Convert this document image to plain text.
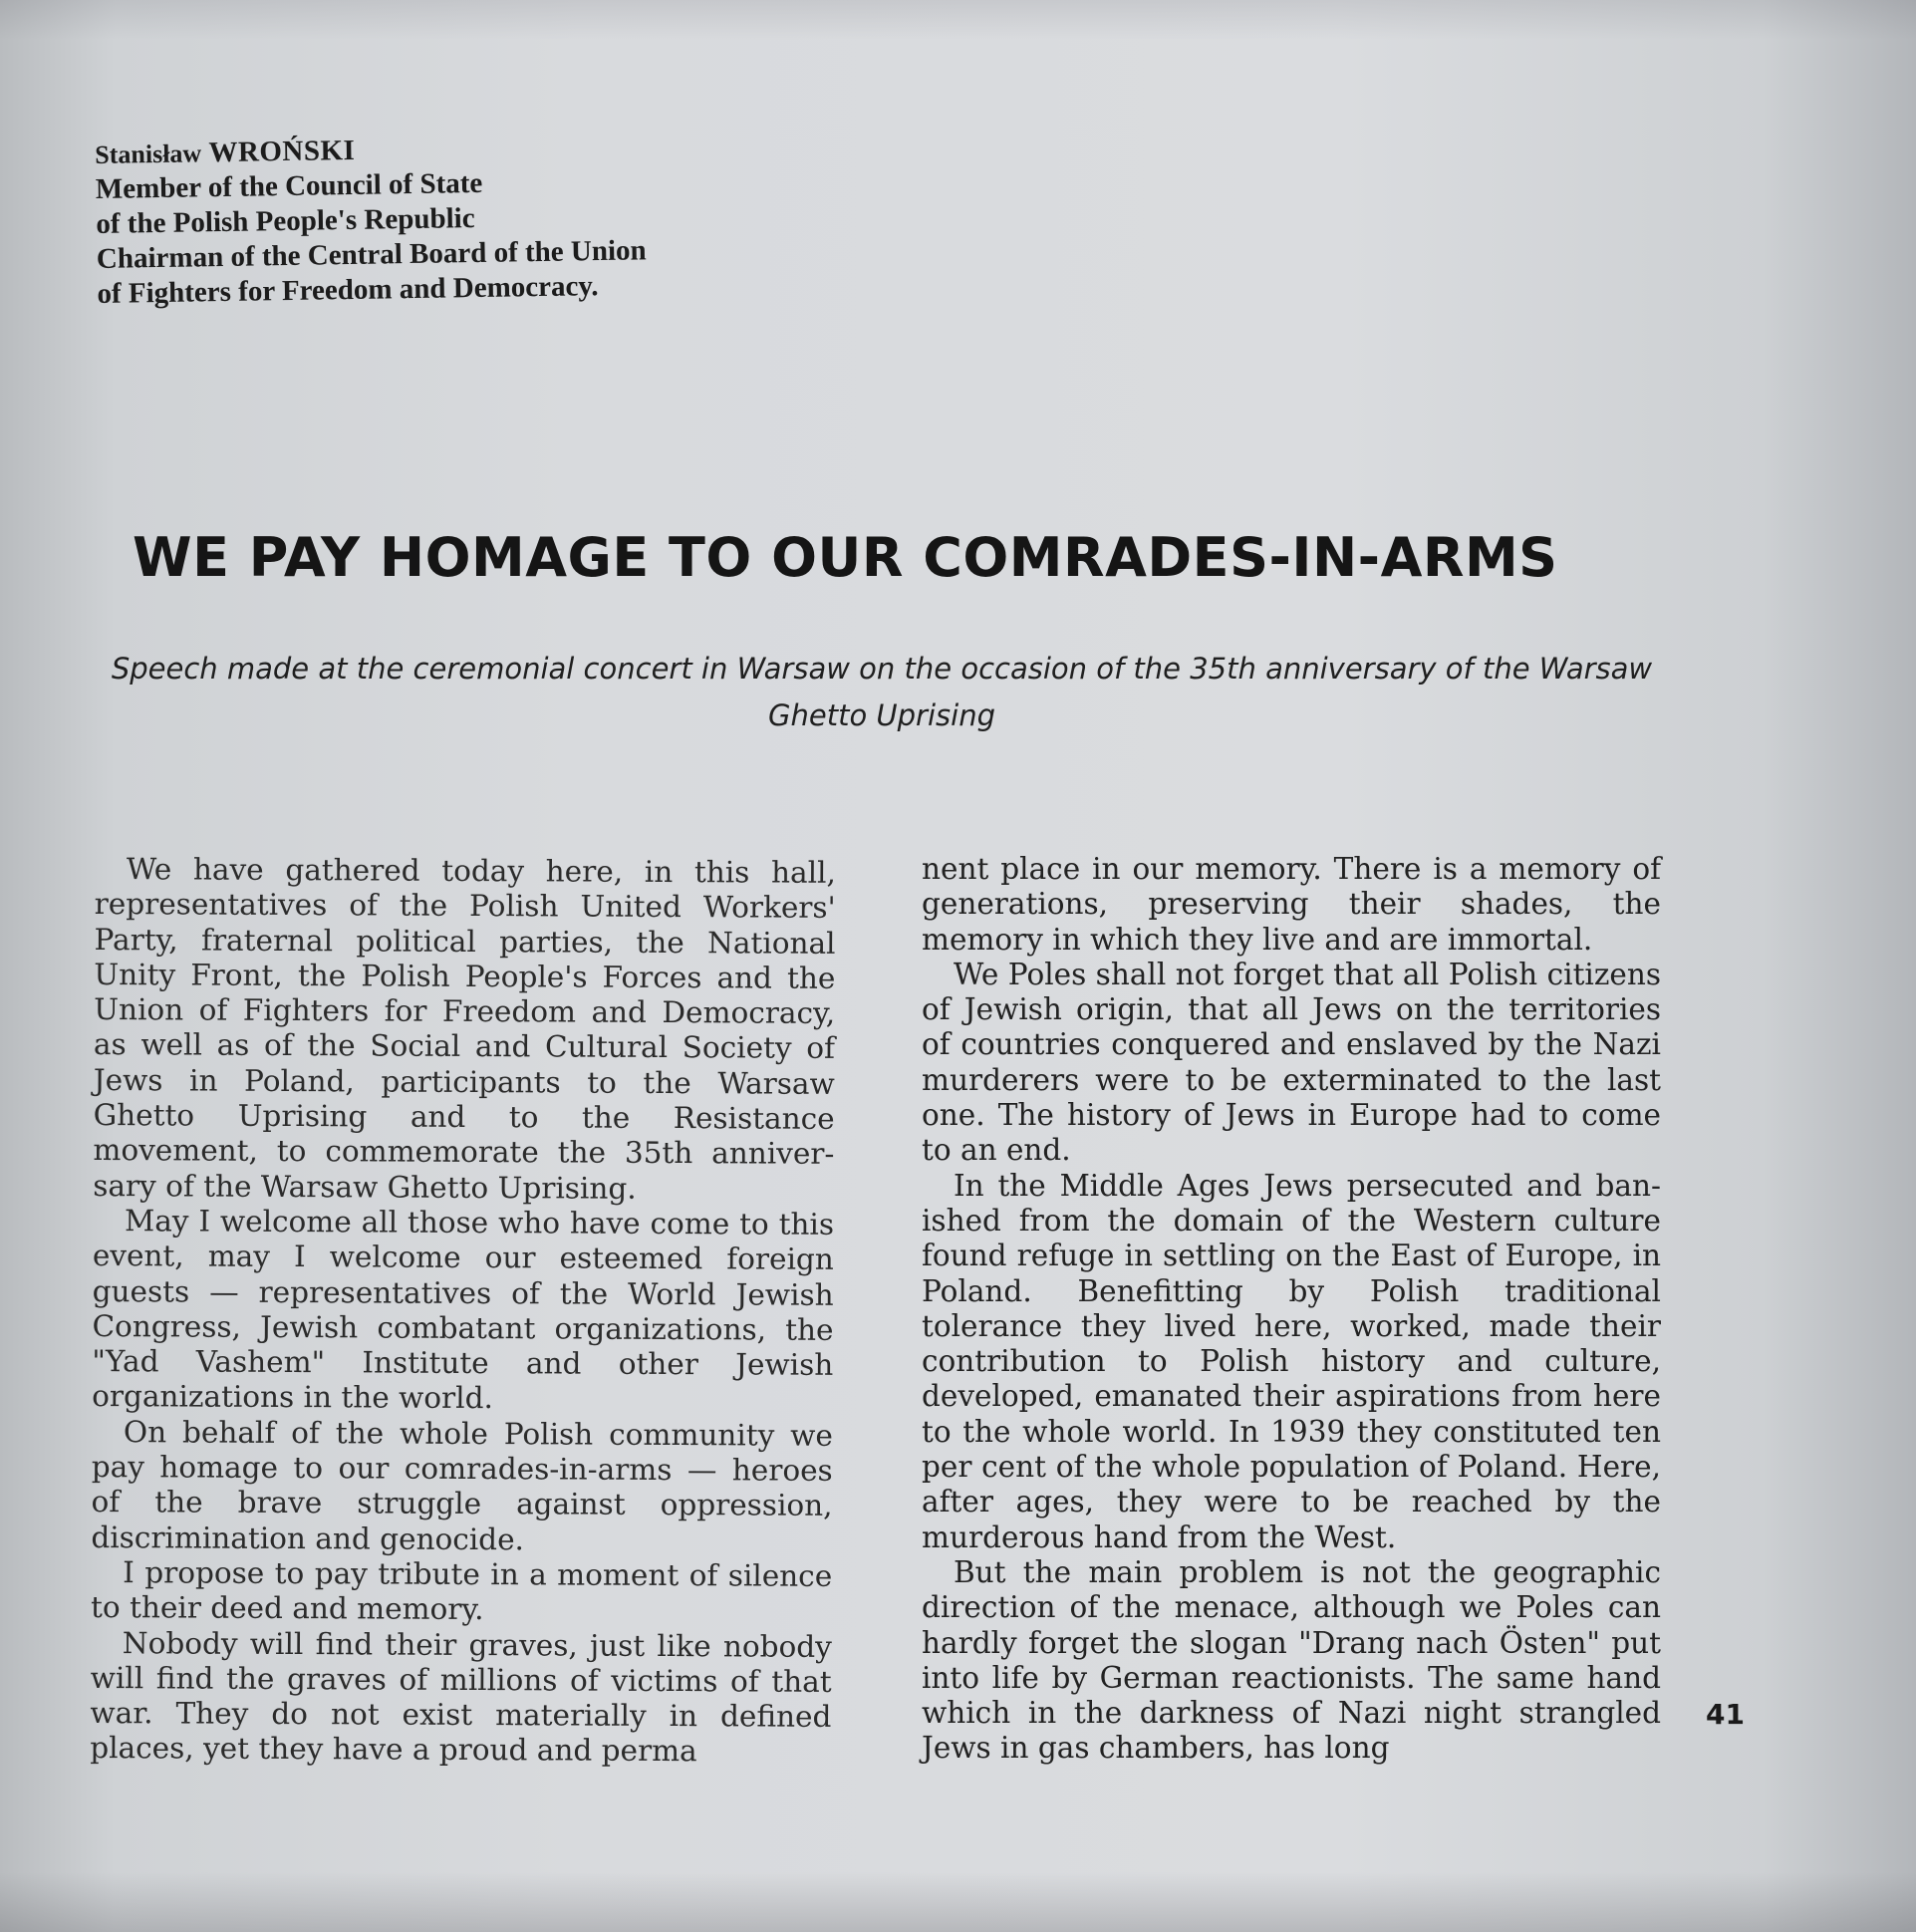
Stanisław WROŃSKI
Member of the Council of State
of the Polish People's Republic
Chairman of the Central Board of the Union
of Fighters for Freedom and Democracy.
WE PAY HOMAGE TO OUR COMRADES-IN-ARMS
Speech made at the ceremonial concert in Warsaw on the occasion of the 35th anniversary of the Warsaw Ghetto Uprising

We have gathered today here, in this hall, representatives of the Polish United Workers' Party, fraternal political parties, the National Unity Front, the Polish People's Forces and the Union of Fighters for Freedom and Democracy, as well as of the Social and Cultural Society of Jews in Poland, participants to the Warsaw Ghetto Uprising and to the Resistance movement, to commemorate the 35th anniversary of the Warsaw Ghetto Uprising.

May I welcome all those who have come to this event, may I welcome our esteemed foreign guests — representatives of the World Jewish Congress, Jewish combatant organizations, the "Yad Vashem" Institute and other Jewish organizations in the world.

On behalf of the whole Polish community we pay homage to our comrades-in-arms — heroes of the brave struggle against oppression, discrimination and genocide.

I propose to pay tribute in a moment of silence to their deed and memory.

Nobody will find their graves, just like nobody will find the graves of millions of victims of that war. They do not exist materially in defined places, yet they have a proud and perma

nent place in our memory. There is a memory of generations, preserving their shades, the memory in which they live and are immortal.

We Poles shall not forget that all Polish citizens of Jewish origin, that all Jews on the territories of countries conquered and enslaved by the Nazi murderers were to be exterminated to the last one. The history of Jews in Europe had to come to an end.

In the Middle Ages Jews persecuted and banished from the domain of the Western culture found refuge in settling on the East of Europe, in Poland. Benefitting by Polish traditional tolerance they lived here, worked, made their contribution to Polish history and culture, developed, emanated their aspirations from here to the whole world. In 1939 they constituted ten per cent of the whole population of Poland. Here, after ages, they were to be reached by the murderous hand from the West.

But the main problem is not the geographic direction of the menace, although we Poles can hardly forget the slogan "Drang nach Östen" put into life by German reactionists. The same hand which in the darkness of Nazi night strangled Jews in gas chambers, has long

41
